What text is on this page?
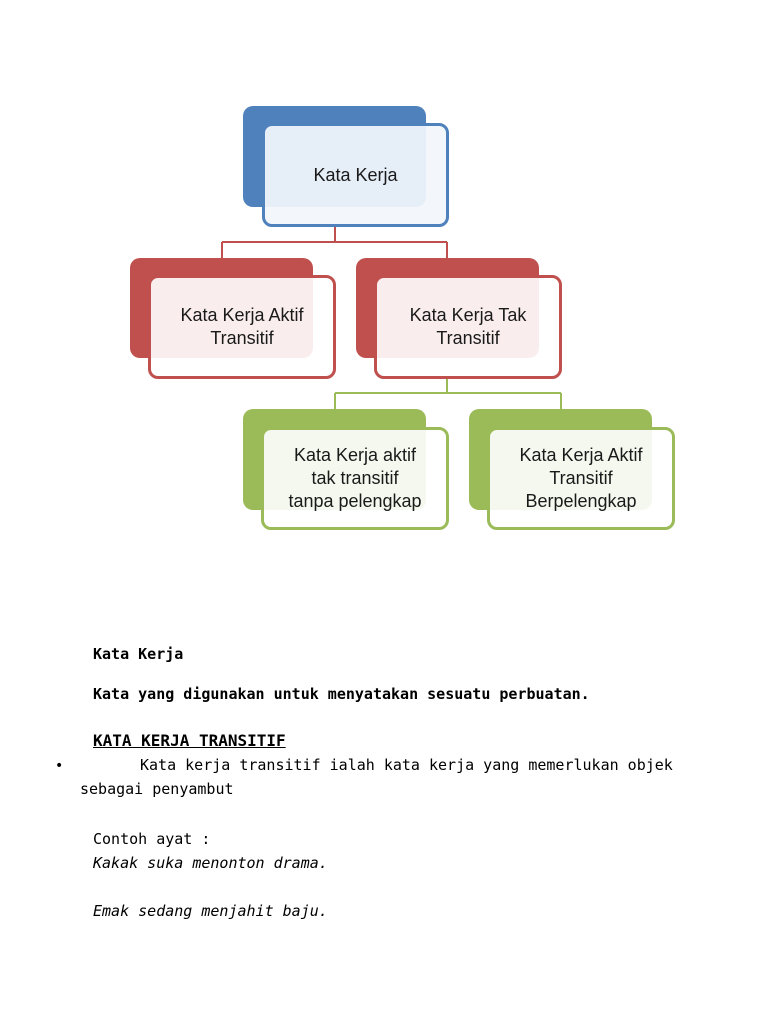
Kata Kerja
Kata Kerja Aktif
Transitif
Kata Kerja Tak
Transitif
Kata Kerja aktif
tak transitif
tanpa pelengkap
Kata Kerja Aktif
Transitif
Berpelengkap
Kata Kerja
Kata yang digunakan untuk menyatakan sesuatu perbuatan.
KATA KERJA TRANSITIF
•	Kata kerja transitif ialah kata kerja yang memerlukan objek
sebagai penyambut
Contoh ayat :
Kakak suka menonton drama.
Emak sedang menjahit baju.
